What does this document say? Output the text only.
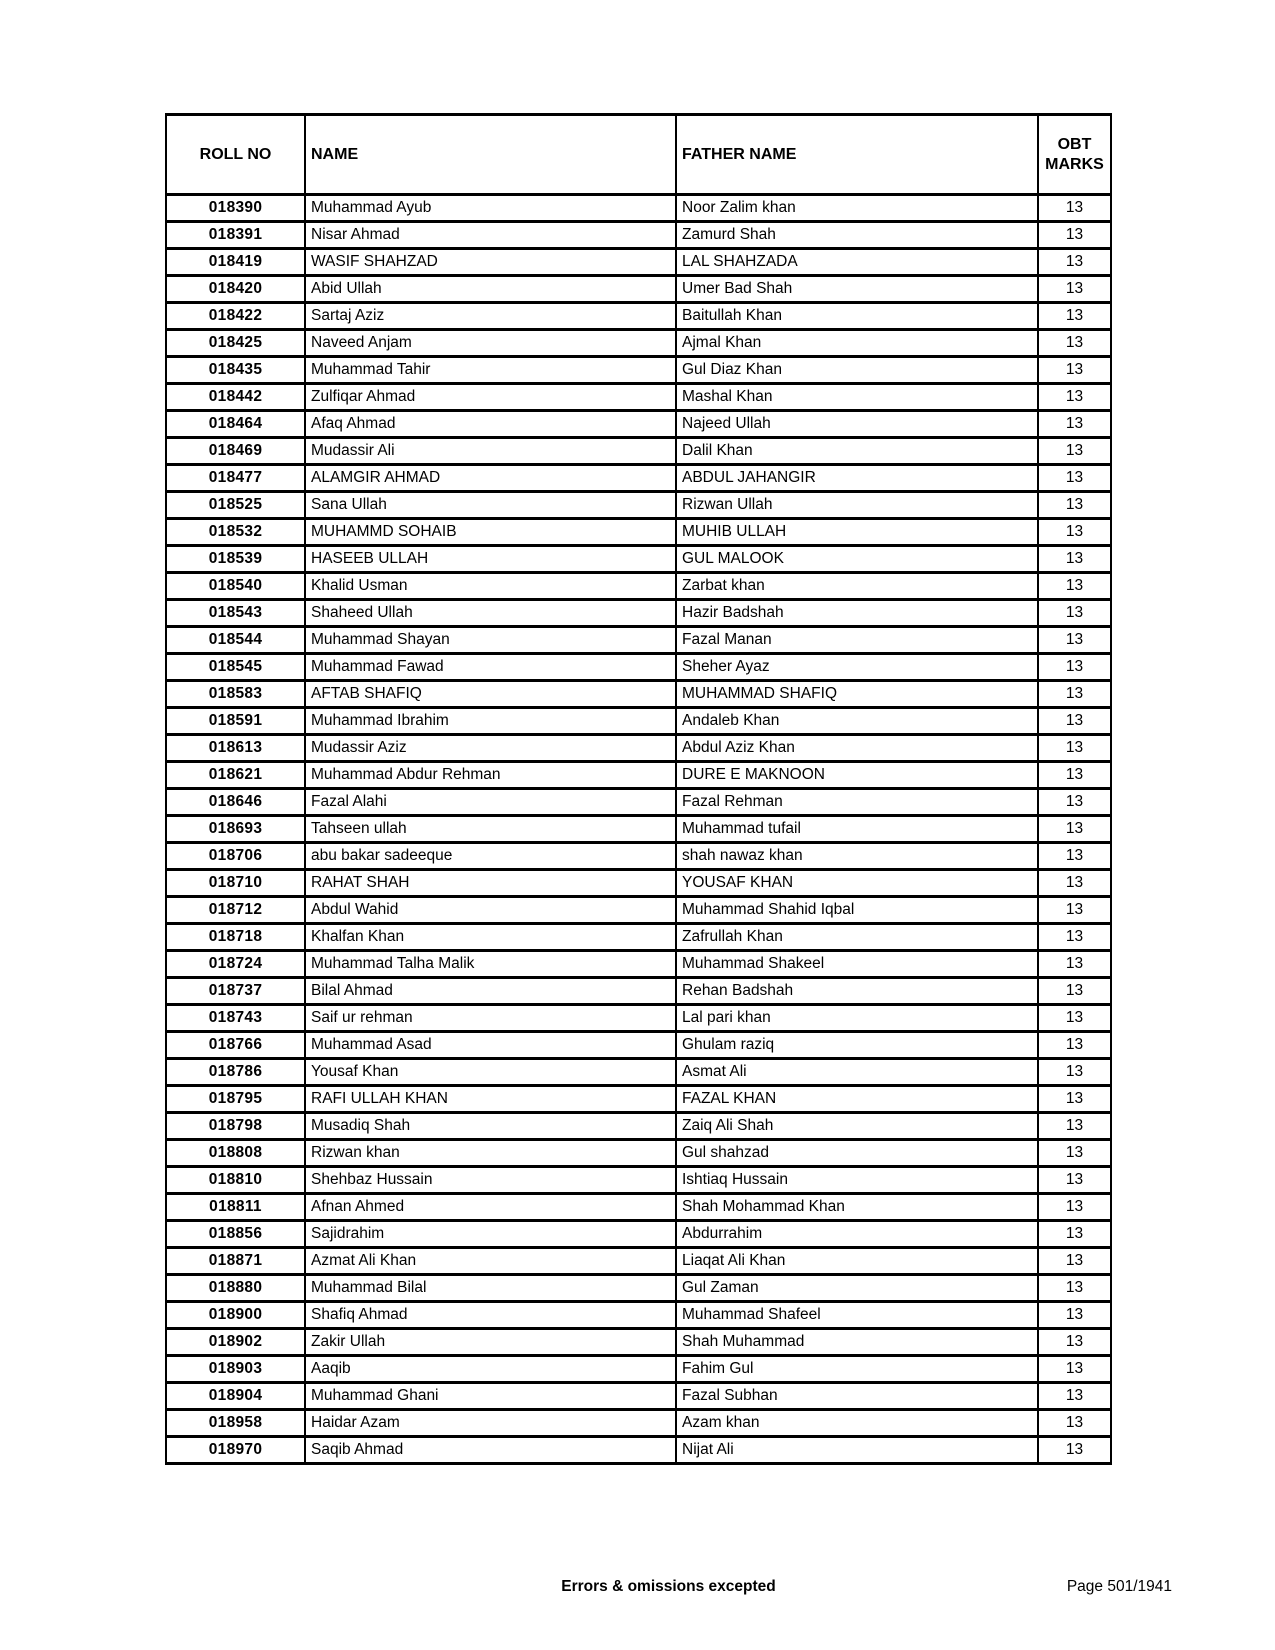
ROLL NO	NAME	FATHER NAME	OBT MARKS
018390	Muhammad Ayub	Noor Zalim khan	13
018391	Nisar Ahmad	Zamurd Shah	13
018419	WASIF SHAHZAD	LAL SHAHZADA	13
018420	Abid Ullah	Umer Bad Shah	13
018422	Sartaj Aziz	Baitullah Khan	13
018425	Naveed Anjam	Ajmal Khan	13
018435	Muhammad Tahir	Gul Diaz Khan	13
018442	Zulfiqar Ahmad	Mashal Khan	13
018464	Afaq Ahmad	Najeed Ullah	13
018469	Mudassir Ali	Dalil Khan	13
018477	ALAMGIR AHMAD	ABDUL JAHANGIR	13
018525	Sana Ullah	Rizwan Ullah	13
018532	MUHAMMD SOHAIB	MUHIB ULLAH	13
018539	HASEEB ULLAH	GUL MALOOK	13
018540	Khalid Usman	Zarbat khan	13
018543	Shaheed Ullah	Hazir Badshah	13
018544	Muhammad Shayan	Fazal Manan	13
018545	Muhammad Fawad	Sheher Ayaz	13
018583	AFTAB SHAFIQ	MUHAMMAD SHAFIQ	13
018591	Muhammad Ibrahim	Andaleb Khan	13
018613	Mudassir Aziz	Abdul Aziz Khan	13
018621	Muhammad Abdur Rehman	DURE E MAKNOON	13
018646	Fazal Alahi	Fazal Rehman	13
018693	Tahseen ullah	Muhammad tufail	13
018706	abu bakar sadeeque	shah nawaz khan	13
018710	RAHAT SHAH	YOUSAF KHAN	13
018712	Abdul Wahid	Muhammad Shahid Iqbal	13
018718	Khalfan Khan	Zafrullah Khan	13
018724	Muhammad Talha Malik	Muhammad Shakeel	13
018737	Bilal Ahmad	Rehan Badshah	13
018743	Saif ur rehman	Lal pari khan	13
018766	Muhammad Asad	Ghulam raziq	13
018786	Yousaf Khan	Asmat Ali	13
018795	RAFI ULLAH KHAN	FAZAL KHAN	13
018798	Musadiq Shah	Zaiq Ali Shah	13
018808	Rizwan khan	Gul shahzad	13
018810	Shehbaz Hussain	Ishtiaq Hussain	13
018811	Afnan Ahmed	Shah Mohammad Khan	13
018856	Sajidrahim	Abdurrahim	13
018871	Azmat Ali Khan	Liaqat Ali Khan	13
018880	Muhammad Bilal	Gul Zaman	13
018900	Shafiq Ahmad	Muhammad Shafeel	13
018902	Zakir Ullah	Shah Muhammad	13
018903	Aaqib	Fahim Gul	13
018904	Muhammad Ghani	Fazal Subhan	13
018958	Haidar Azam	Azam khan	13
018970	Saqib Ahmad	Nijat Ali	13
Errors & omissions excepted	Page 501/1941
